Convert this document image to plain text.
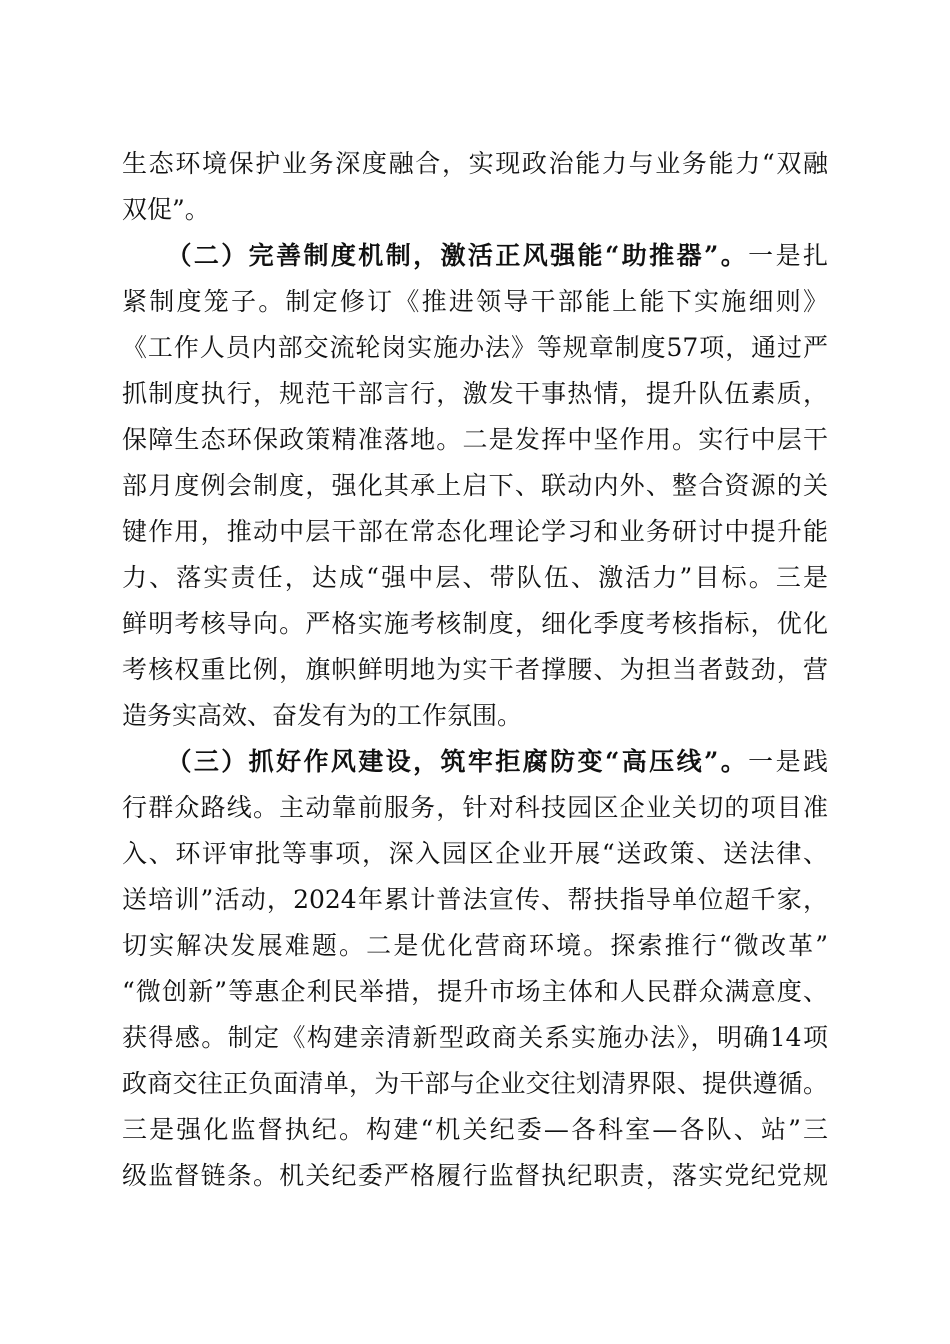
生态环境保护业务深度融合，实现政治能力与业务能力“双融
双促”。
（二）完善制度机制，激活正风强能“助推器”。一是扎
紧制度笼子。制定修订《推进领导干部能上能下实施细则》
《工作人员内部交流轮岗实施办法》等规章制度57项，通过严
抓制度执行，规范干部言行，激发干事热情，提升队伍素质，
保障生态环保政策精准落地。二是发挥中坚作用。实行中层干
部月度例会制度，强化其承上启下、联动内外、整合资源的关
键作用，推动中层干部在常态化理论学习和业务研讨中提升能
力、落实责任，达成“强中层、带队伍、激活力”目标。三是
鲜明考核导向。严格实施考核制度，细化季度考核指标，优化
考核权重比例，旗帜鲜明地为实干者撑腰、为担当者鼓劲，营
造务实高效、奋发有为的工作氛围。
（三）抓好作风建设，筑牢拒腐防变“高压线”。一是践
行群众路线。主动靠前服务，针对科技园区企业关切的项目准
入、环评审批等事项，深入园区企业开展“送政策、送法律、
送培训”活动，2024年累计普法宣传、帮扶指导单位超千家，
切实解决发展难题。二是优化营商环境。探索推行“微改革”
“微创新”等惠企利民举措，提升市场主体和人民群众满意度、
获得感。制定《构建亲清新型政商关系实施办法》，明确14项
政商交往正负面清单，为干部与企业交往划清界限、提供遵循。
三是强化监督执纪。构建“机关纪委—各科室—各队、站”三
级监督链条。机关纪委严格履行监督执纪职责，落实党纪党规
